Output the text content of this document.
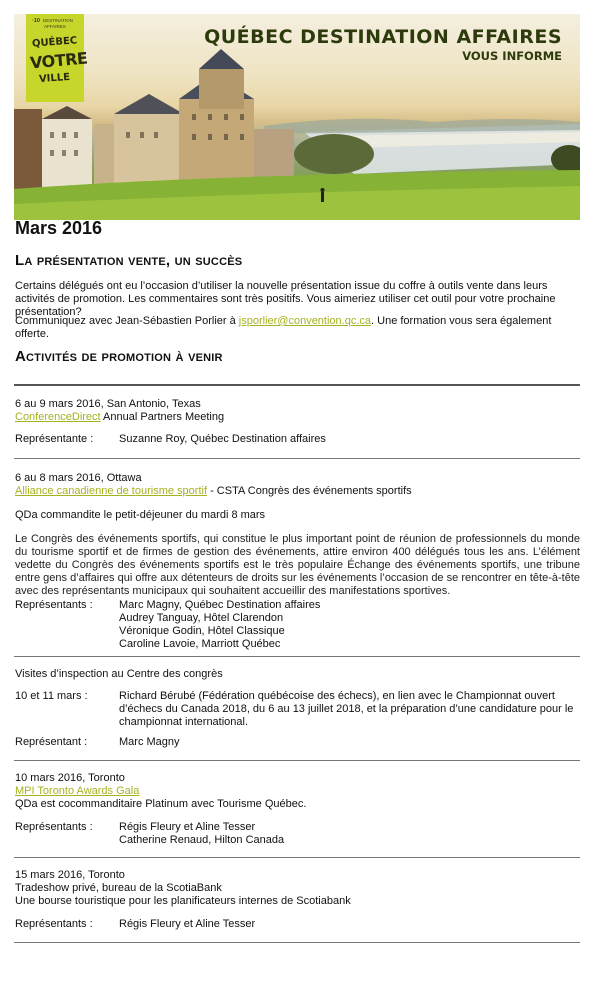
·10 DESTINATION
AFFAIRES
QUÉBEC
VOTRE
VILLE
QUÉBEC DESTINATION AFFAIRES
VOUS INFORME
Mars 2016
La présentation vente, un succès
Certains délégués ont eu l’occasion d’utiliser la nouvelle présentation issue du coffre à outils vente dans leurs activités de promotion. Les commentaires sont très positifs. Vous aimeriez utiliser cet outil pour votre prochaine présentation?
Communiquez avec Jean-Sébastien Porlier à jsporlier@convention.qc.ca. Une formation vous sera également offerte.
Activités de promotion à venir
6 au 9 mars 2016, San Antonio, Texas
ConferenceDirect Annual Partners Meeting
Représentante : Suzanne Roy, Québec Destination affaires
6 au 8 mars 2016, Ottawa
Alliance canadienne de tourisme sportif - CSTA Congrès des événements sportifs
QDa commandite le petit-déjeuner du mardi 8 mars
Le Congrès des événements sportifs, qui constitue le plus important point de réunion de professionnels du monde du tourisme sportif et de firmes de gestion des événements, attire environ 400 délégués tous les ans. L’élément vedette du Congrès des événements sportifs est le très populaire Échange des événements sportifs, une tribune entre gens d’affaires qui offre aux détenteurs de droits sur les événements l’occasion de se rencontrer en tête-à-tête avec des représentants municipaux qui souhaitent accueillir des manifestations sportives.
Représentants : Marc Magny, Québec Destination affaires
Audrey Tanguay, Hôtel Clarendon
Véronique Godin, Hôtel Classique
Caroline Lavoie, Marriott Québec
Visites d’inspection au Centre des congrès
10 et 11 mars :	Richard Bérubé (Fédération québécoise des échecs), en lien avec le Championnat ouvert d’échecs du Canada 2018, du 6 au 13 juillet 2018, et la préparation d’une candidature pour le championnat international.
Représentant :	Marc Magny
10 mars 2016, Toronto
MPI Toronto Awards Gala
QDa est cocommanditaire Platinum avec Tourisme Québec.
Représentants : Régis Fleury et Aline Tesser
Catherine Renaud, Hilton Canada
15 mars 2016, Toronto
Tradeshow privé, bureau de la ScotiaBank
Une bourse touristique pour les planificateurs internes de Scotiabank
Représentants : Régis Fleury et Aline Tesser
